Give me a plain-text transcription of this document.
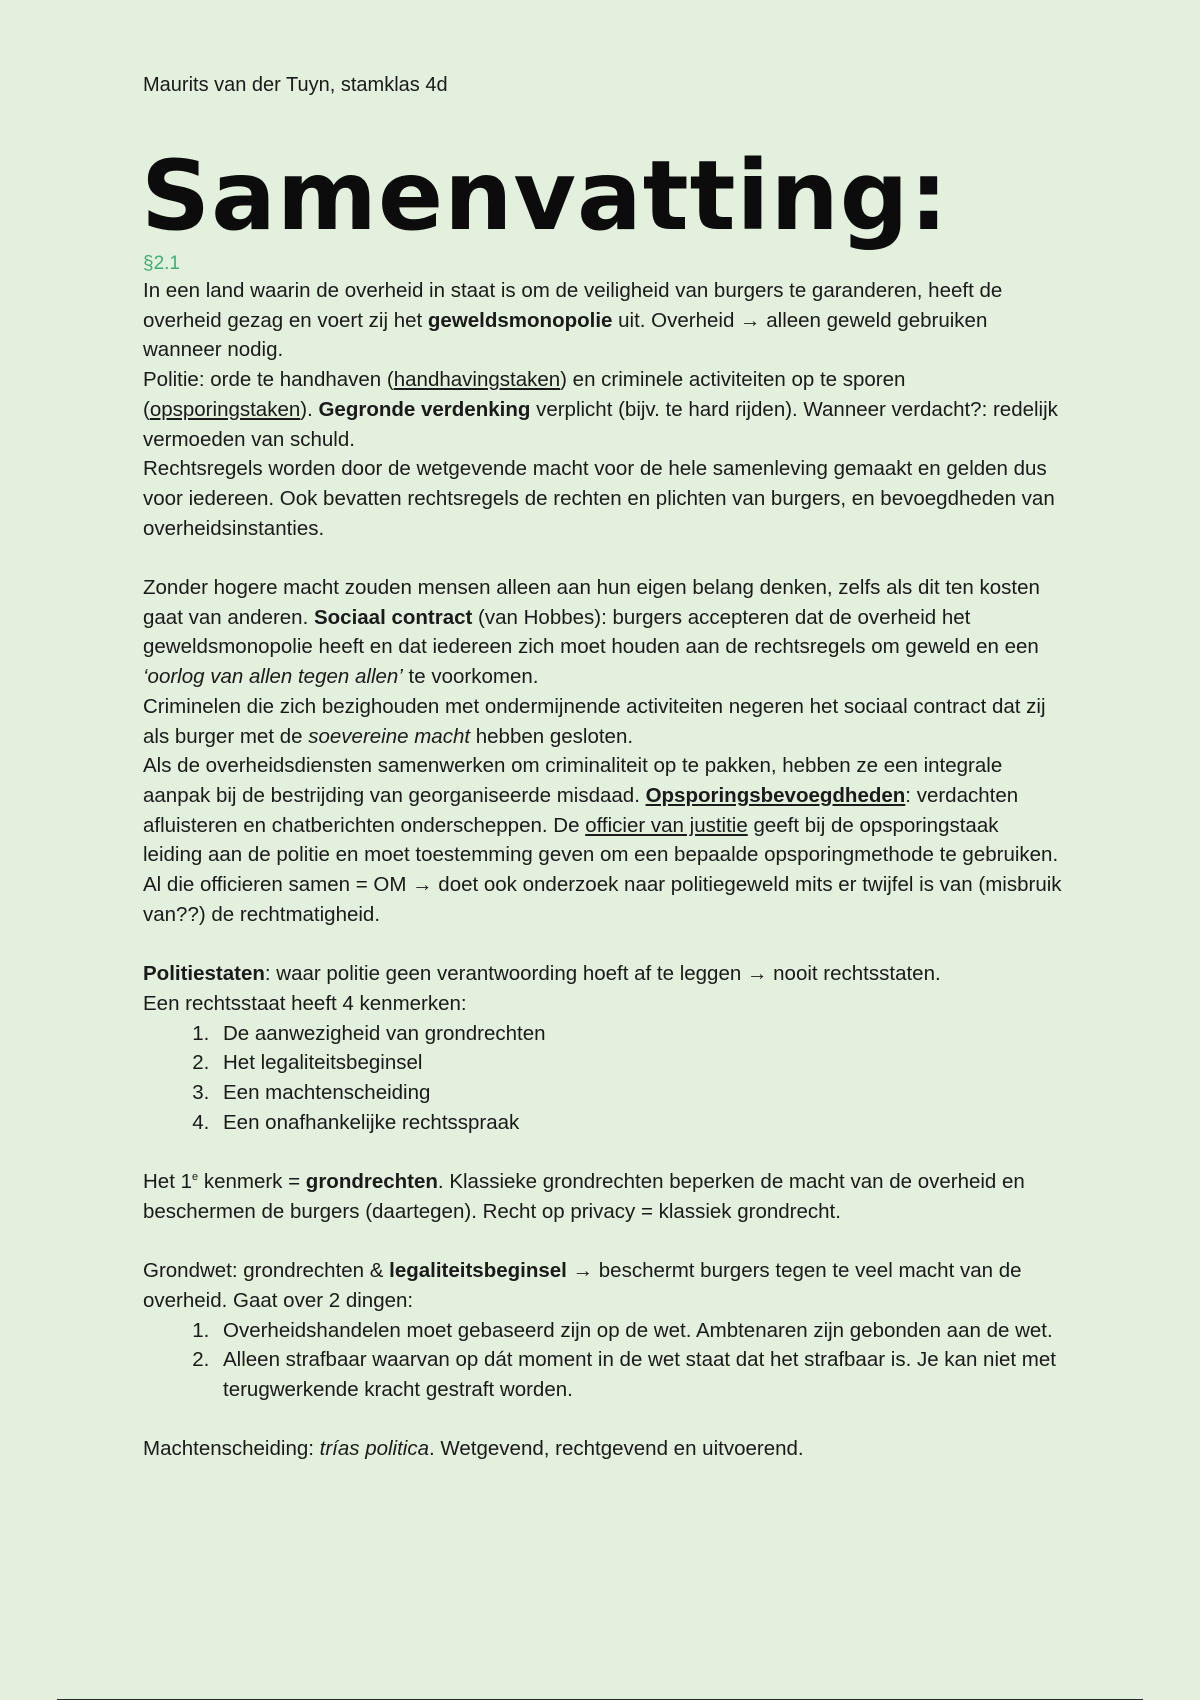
Maurits van der Tuyn, stamklas 4d

Samenvatting:

§2.1

In een land waarin de overheid in staat is om de veiligheid van burgers te garanderen, heeft de overheid gezag en voert zij het geweldsmonopolie uit. Overheid → alleen geweld gebruiken wanneer nodig.

Politie: orde te handhaven (handhavingstaken) en criminele activiteiten op te sporen (opsporingstaken). Gegronde verdenking verplicht (bijv. te hard rijden). Wanneer verdacht?: redelijk vermoeden van schuld.

Rechtsregels worden door de wetgevende macht voor de hele samenleving gemaakt en gelden dus voor iedereen. Ook bevatten rechtsregels de rechten en plichten van burgers, en bevoegdheden van overheidsinstanties.

Zonder hogere macht zouden mensen alleen aan hun eigen belang denken, zelfs als dit ten kosten gaat van anderen. Sociaal contract (van Hobbes): burgers accepteren dat de overheid het geweldsmonopolie heeft en dat iedereen zich moet houden aan de rechtsregels om geweld en een ‘oorlog van allen tegen allen’ te voorkomen.

Criminelen die zich bezighouden met ondermijnende activiteiten negeren het sociaal contract dat zij als burger met de soevereine macht hebben gesloten.

Als de overheidsdiensten samenwerken om criminaliteit op te pakken, hebben ze een integrale aanpak bij de bestrijding van georganiseerde misdaad. Opsporingsbevoegdheden: verdachten afluisteren en chatberichten onderscheppen. De officier van justitie geeft bij de opsporingstaak leiding aan de politie en moet toestemming geven om een bepaalde opsporingmethode te gebruiken. Al die officieren samen = OM → doet ook onderzoek naar politiegeweld mits er twijfel is van (misbruik van??) de rechtmatigheid.

Politiestaten: waar politie geen verantwoording hoeft af te leggen → nooit rechtsstaten.

Een rechtsstaat heeft 4 kenmerken:

1. De aanwezigheid van grondrechten
2. Het legaliteitsbeginsel
3. Een machtenscheiding
4. Een onafhankelijke rechtsspraak

Het 1e kenmerk = grondrechten. Klassieke grondrechten beperken de macht van de overheid en beschermen de burgers (daartegen). Recht op privacy = klassiek grondrecht.

Grondwet: grondrechten & legaliteitsbeginsel → beschermt burgers tegen te veel macht van de overheid. Gaat over 2 dingen:

1. Overheidshandelen moet gebaseerd zijn op de wet. Ambtenaren zijn gebonden aan de wet.
2. Alleen strafbaar waarvan op dát moment in de wet staat dat het strafbaar is. Je kan niet met terugwerkende kracht gestraft worden.

Machtenscheiding: trías politica. Wetgevend, rechtgevend en uitvoerend.
